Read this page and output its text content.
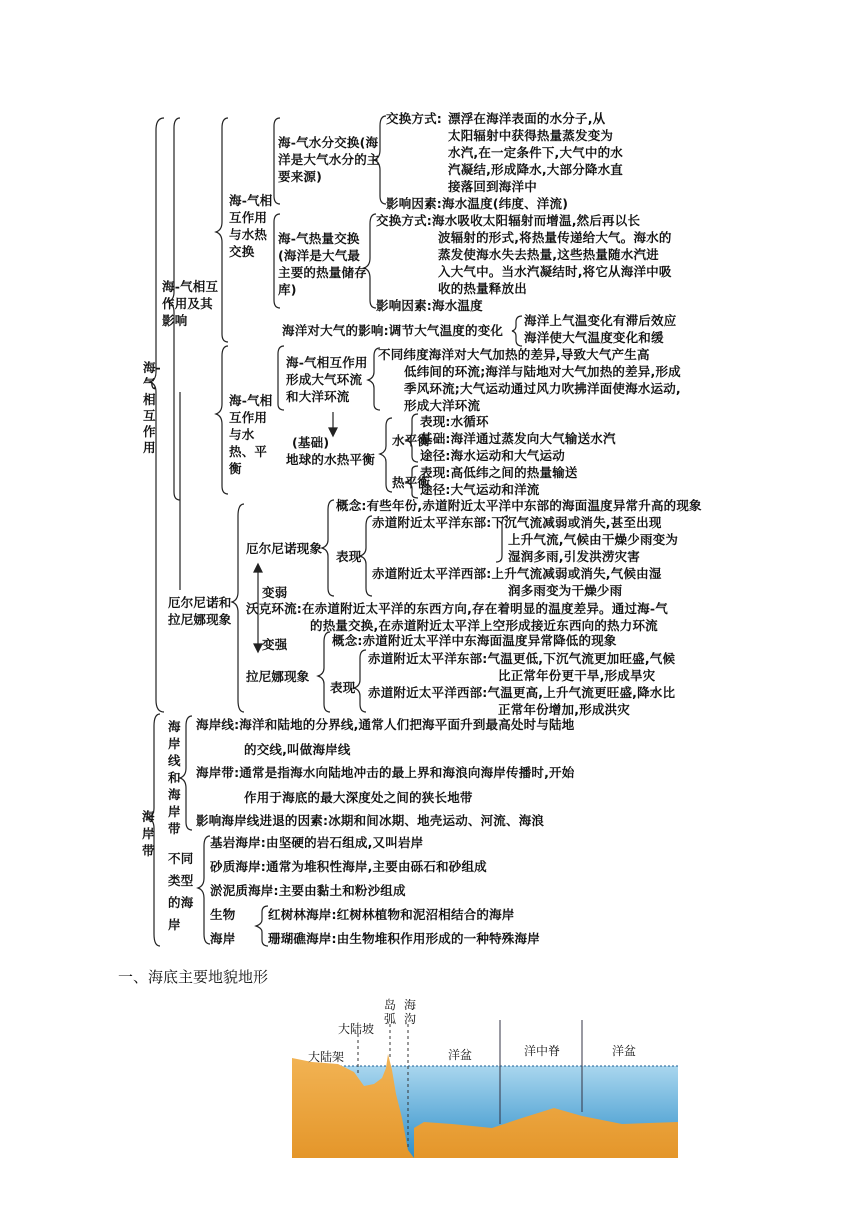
海-气相互作用
海-气相互作用及其影响
海-气相互作用与水热交换
海-气水分交换(海洋是大气水分的主要来源)
交换方式: 漂浮在海洋表面的水分子,从
太阳辐射中获得热量蒸发变为
水汽,在一定条件下,大气中的水
汽凝结,形成降水,大部分降水直
接落回到海洋中
影响因素:海水温度(纬度、洋流)
海-气热量交换(海洋是大气最主要的热量储存库)
交换方式:海水吸收太阳辐射而增温,然后再以长
波辐射的形式,将热量传递给大气。海水的
蒸发使海水失去热量,这些热量随水汽进
入大气中。当水汽凝结时,将它从海洋中吸
收的热量释放出
影响因素:海水温度
海洋对大气的影响:调节大气温度的变化
海洋上气温变化有滞后效应
海洋使大气温度变化和缓
海-气相互作用与水热、平衡
海-气相互作用形成大气环流和大洋环流
不同纬度海洋对大气加热的差异,导致大气产生高
低纬间的环流;海洋与陆地对大气加热的差异,形成
季风环流;大气运动通过风力吹拂洋面使海水运动,
形成大洋环流
(基础)
地球的水热平衡
水平衡
表现:水循环
基础:海洋通过蒸发向大气输送水汽
途径:海水运动和大气运动
热平衡
表现:高低纬之间的热量输送
途径:大气运动和洋流
厄尔尼诺和拉尼娜现象
厄尔尼诺现象
概念:有些年份,赤道附近太平洋中东部的海面温度异常升高的现象
表现
赤道附近太平洋东部:下沉气流减弱或消失,甚至出现
上升气流,气候由干燥少雨变为
湿润多雨,引发洪涝灾害
赤道附近太平洋西部:上升气流减弱或消失,气候由湿
润多雨变为干燥少雨
变弱
沃克环流:在赤道附近太平洋的东西方向,存在着明显的温度差异。通过海-气
的热量交换,在赤道附近太平洋上空形成接近东西向的热力环流
变强
拉尼娜现象
概念:赤道附近太平洋中东海面温度异常降低的现象
表现
赤道附近太平洋东部:气温更低,下沉气流更加旺盛,气候
比正常年份更干旱,形成旱灾
赤道附近太平洋西部:气温更高,上升气流更旺盛,降水比
正常年份增加,形成洪灾
海岸带
海岸线和海岸带
海岸线:海洋和陆地的分界线,通常人们把海平面升到最高处时与陆地
的交线,叫做海岸线
海岸带:通常是指海水向陆地冲击的最上界和海浪向海岸传播时,开始
作用于海底的最大深度处之间的狭长地带
影响海岸线进退的因素:冰期和间冰期、地壳运动、河流、海浪
不同类型的海岸
基岩海岸:由坚硬的岩石组成,又叫岩岸
砂质海岸:通常为堆积性海岸,主要由砾石和砂组成
淤泥质海岸:主要由黏土和粉沙组成
生物
海岸
红树林海岸:红树林植物和泥沼相结合的海岸
珊瑚礁海岸:由生物堆积作用形成的一种特殊海岸
一、海底主要地貌地形
大陆架
大陆坡
岛弧
海沟
洋盆	洋中脊	洋盆
